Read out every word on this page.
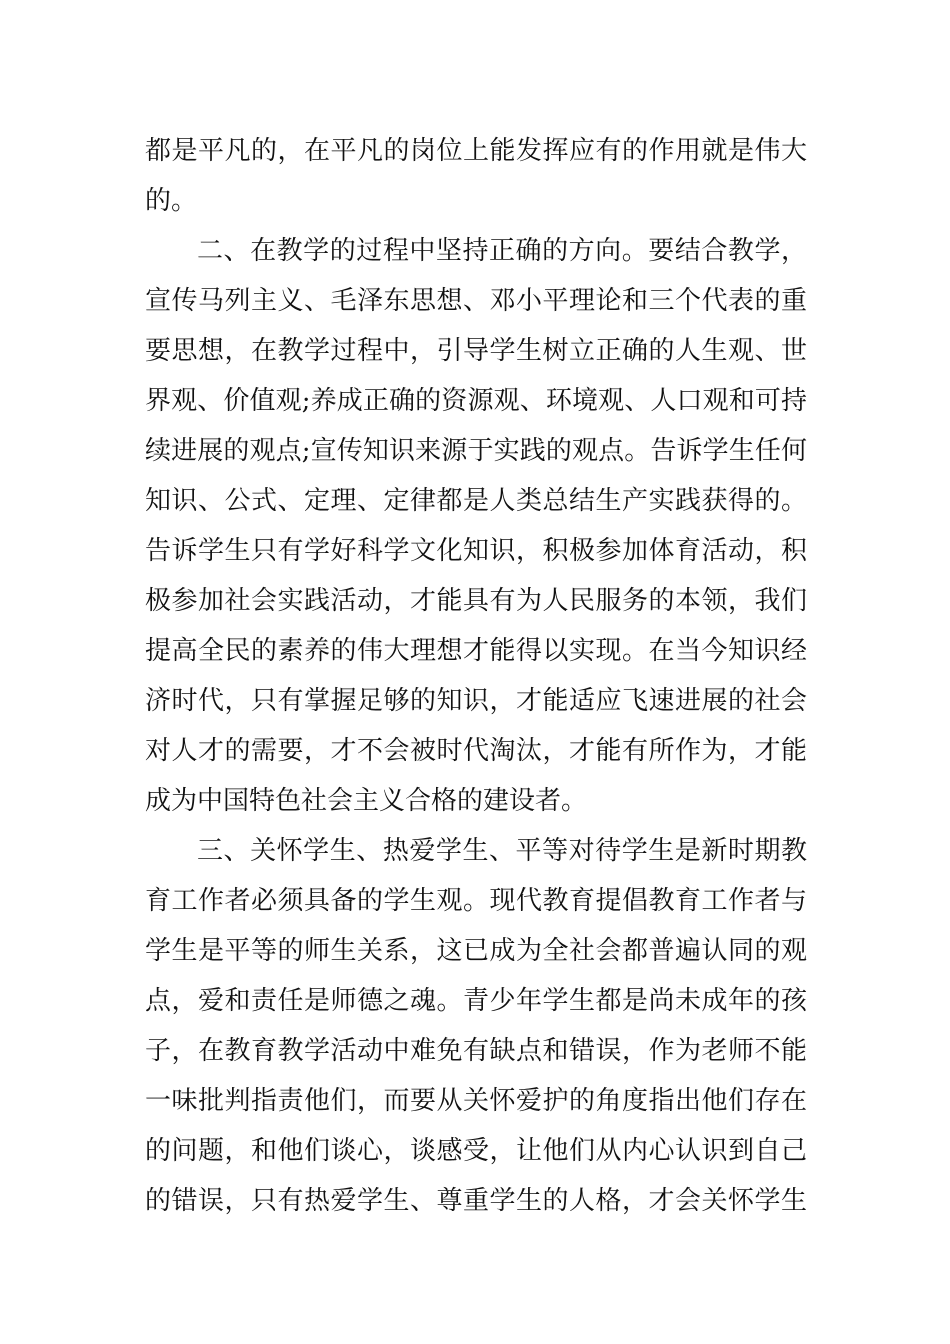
都是平凡的，在平凡的岗位上能发挥应有的作用就是伟大
的。

二、在教学的过程中坚持正确的方向。要结合教学，
宣传马列主义、毛泽东思想、邓小平理论和三个代表的重
要思想，在教学过程中，引导学生树立正确的人生观、世
界观、价值观;养成正确的资源观、环境观、人口观和可持
续进展的观点;宣传知识来源于实践的观点。告诉学生任何
知识、公式、定理、定律都是人类总结生产实践获得的。
告诉学生只有学好科学文化知识，积极参加体育活动，积
极参加社会实践活动，才能具有为人民服务的本领，我们
提高全民的素养的伟大理想才能得以实现。在当今知识经
济时代，只有掌握足够的知识，才能适应飞速进展的社会
对人才的需要，才不会被时代淘汰，才能有所作为，才能
成为中国特色社会主义合格的建设者。

三、关怀学生、热爱学生、平等对待学生是新时期教
育工作者必须具备的学生观。现代教育提倡教育工作者与
学生是平等的师生关系，这已成为全社会都普遍认同的观
点，爱和责任是师德之魂。青少年学生都是尚未成年的孩
子，在教育教学活动中难免有缺点和错误，作为老师不能
一味批判指责他们，而要从关怀爱护的角度指出他们存在
的问题，和他们谈心，谈感受，让他们从内心认识到自己
的错误，只有热爱学生、尊重学生的人格，才会关怀学生
